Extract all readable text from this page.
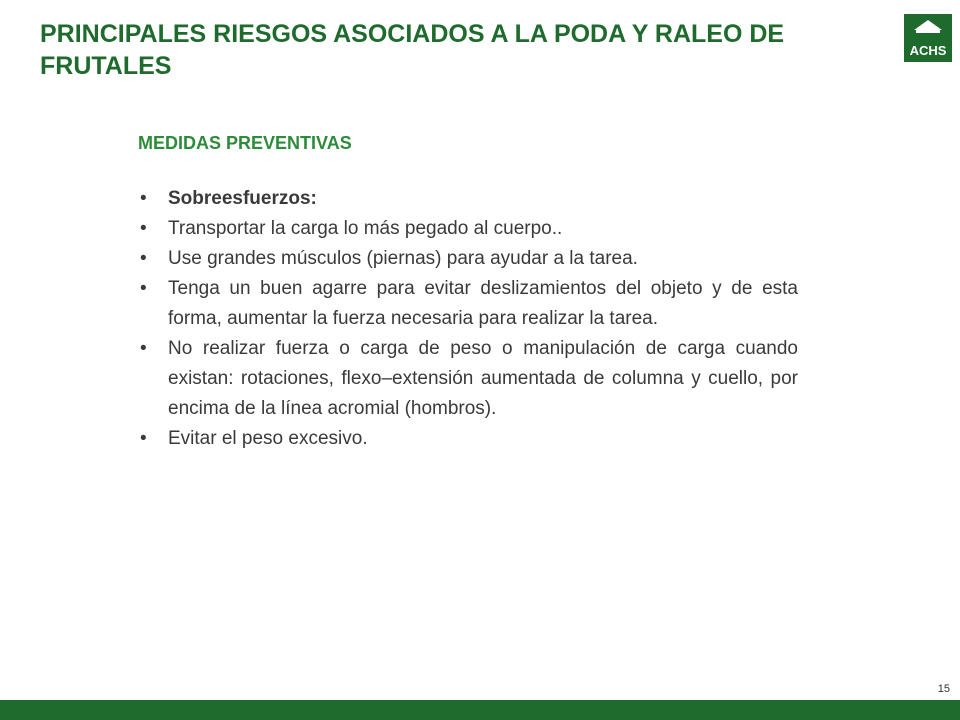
PRINCIPALES RIESGOS ASOCIADOS A LA PODA Y RALEO DE FRUTALES
ACHS
MEDIDAS PREVENTIVAS
• Sobreesfuerzos:
• Transportar la carga lo más pegado al cuerpo..
• Use grandes músculos (piernas) para ayudar a la tarea.
• Tenga un buen agarre para evitar deslizamientos del objeto y de esta forma, aumentar la fuerza necesaria para realizar la tarea.
• No realizar fuerza o carga de peso o manipulación de carga cuando existan: rotaciones, flexo–extensión aumentada de columna y cuello, por encima de la línea acromial (hombros).
• Evitar el peso excesivo.
15
